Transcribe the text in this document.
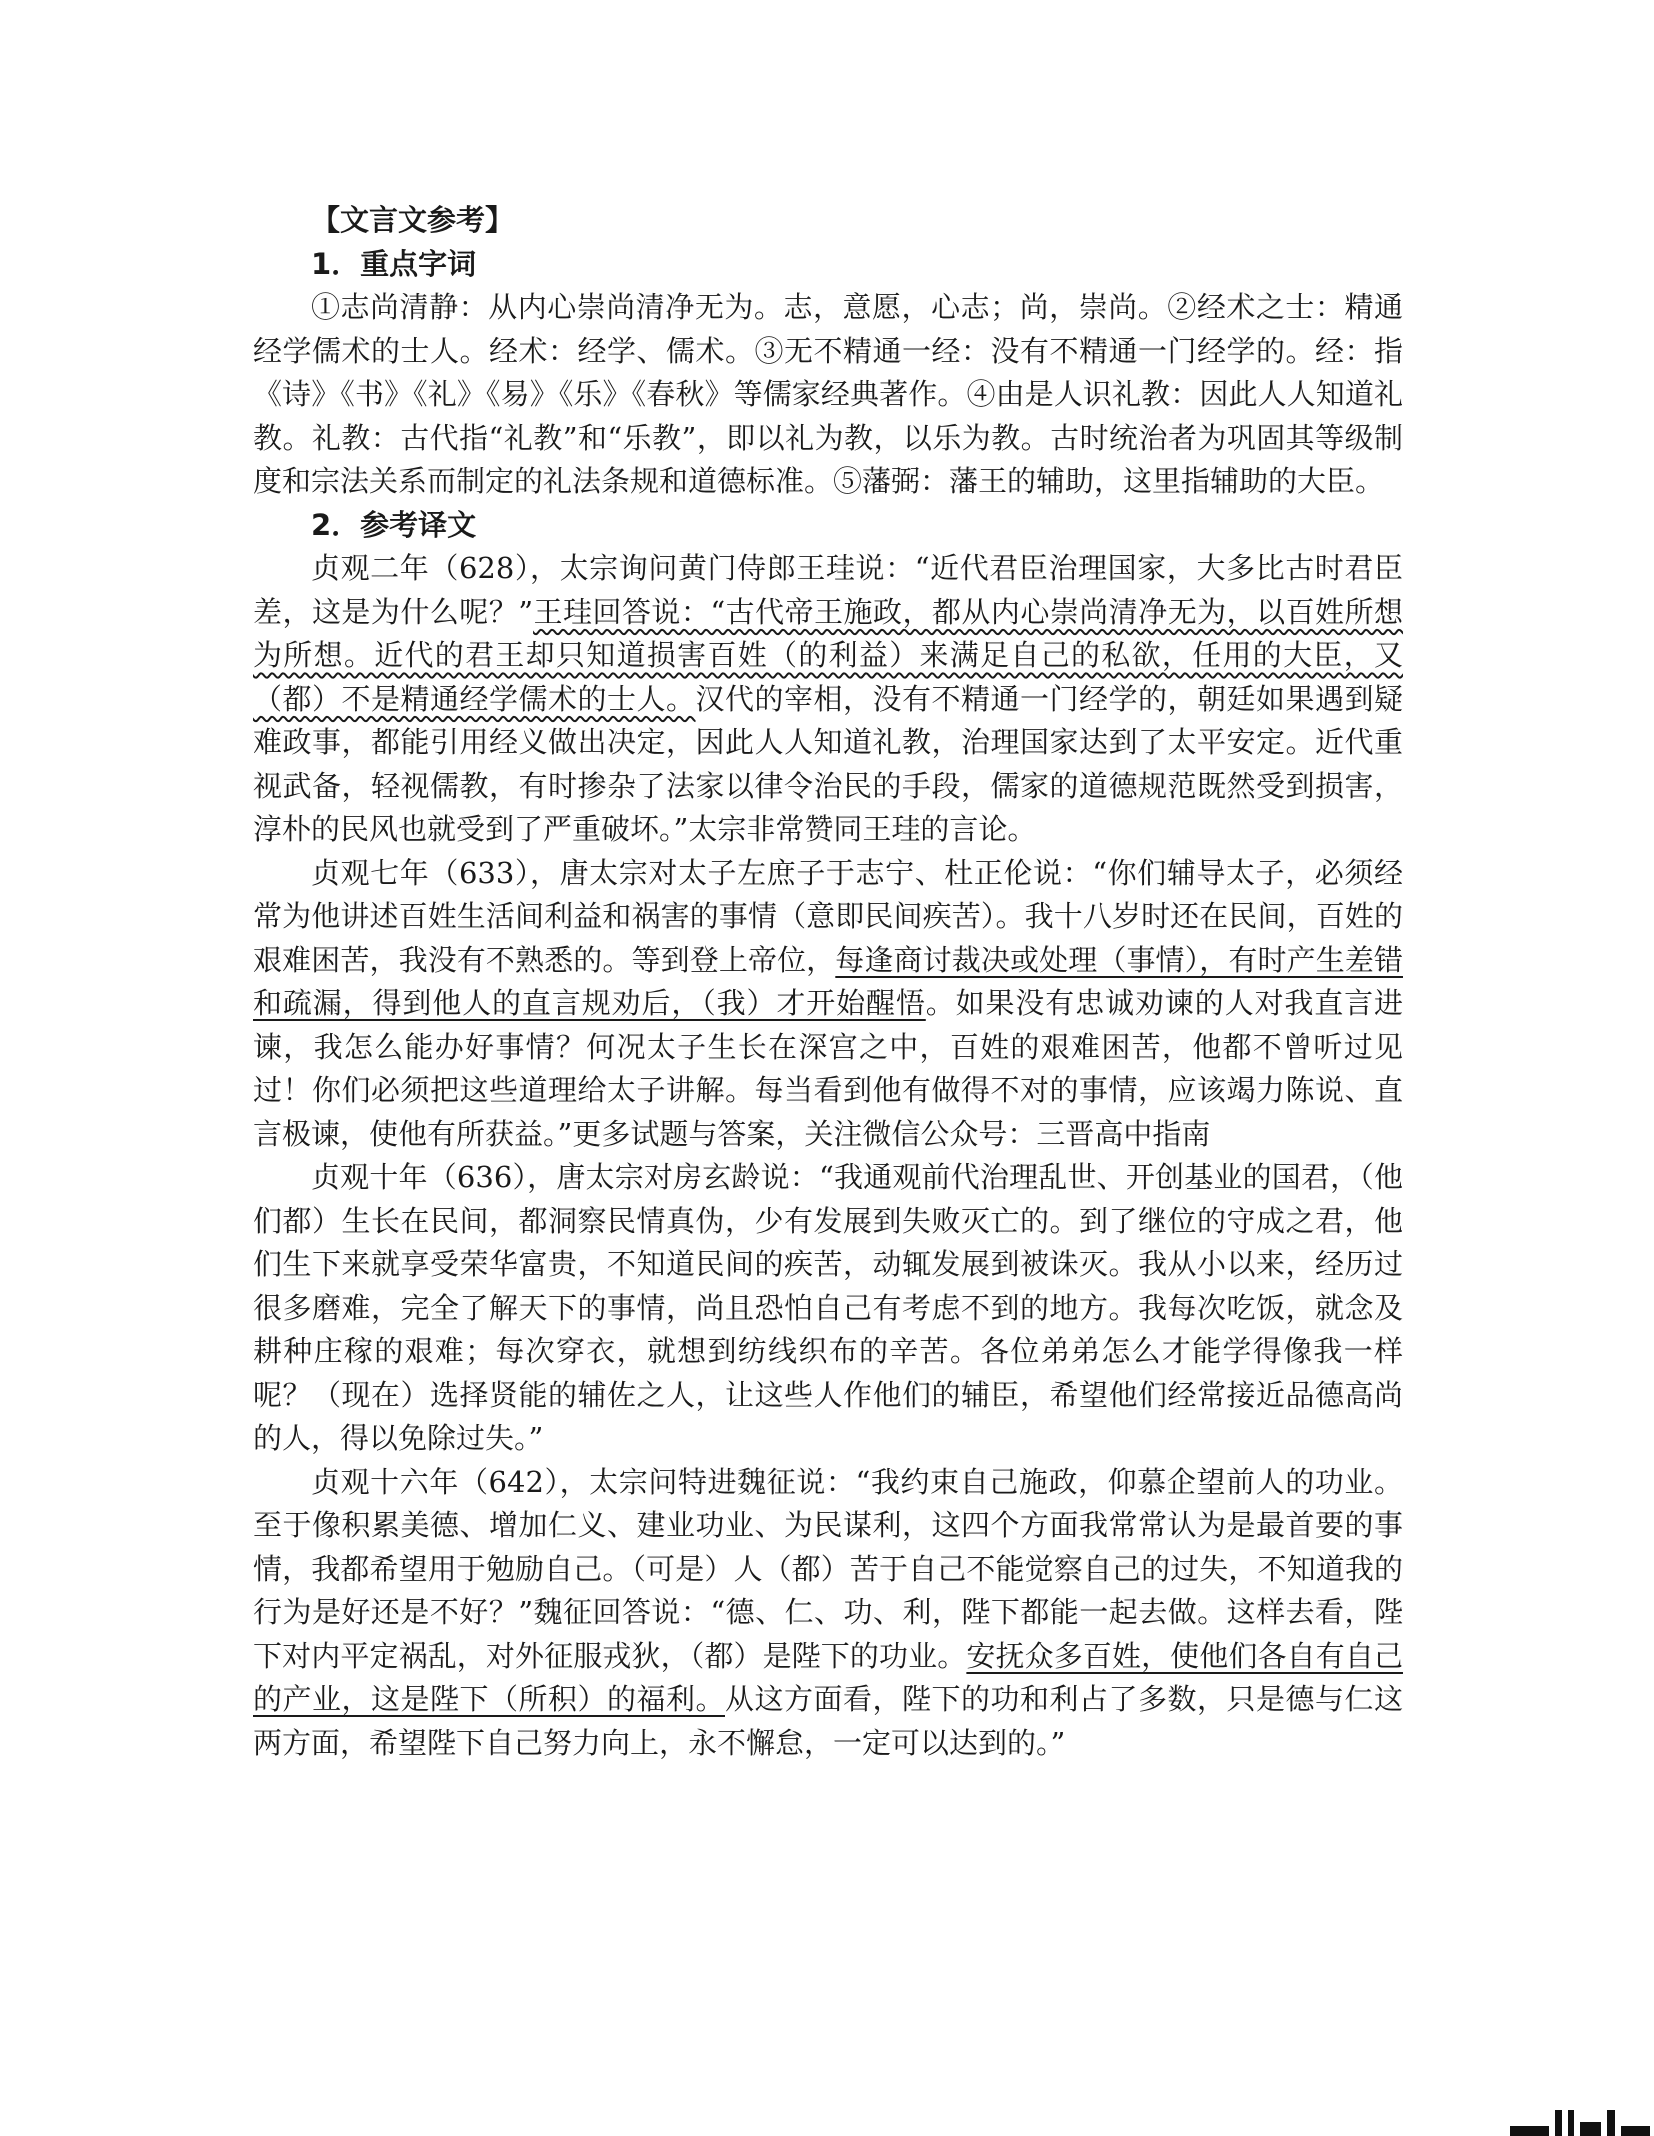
【文言文参考】
1．重点字词

①志尚清静：从内心崇尚清净无为。志，意愿，心志；尚，崇尚。②经术之士：精通经学儒术的士人。经术：经学、儒术。③无不精通一经：没有不精通一门经学的。经：指《诗》《书》《礼》《易》《乐》《春秋》等儒家经典著作。④由是人识礼教：因此人人知道礼教。礼教：古代指“礼教”和“乐教”，即以礼为教，以乐为教。古时统治者为巩固其等级制度和宗法关系而制定的礼法条规和道德标准。⑤藩弼：藩王的辅助，这里指辅助的大臣。

2．参考译文

贞观二年（628），太宗询问黄门侍郎王珪说：“近代君臣治理国家，大多比古时君臣差，这是为什么呢？”王珪回答说：“古代帝王施政，都从内心崇尚清净无为，以百姓所想为所想。近代的君王却只知道损害百姓（的利益）来满足自己的私欲，任用的大臣，又（都）不是精通经学儒术的士人。汉代的宰相，没有不精通一门经学的，朝廷如果遇到疑难政事，都能引用经义做出决定，因此人人知道礼教，治理国家达到了太平安定。近代重视武备，轻视儒教，有时掺杂了法家以律令治民的手段，儒家的道德规范既然受到损害，淳朴的民风也就受到了严重破坏。”太宗非常赞同王珪的言论。

贞观七年（633），唐太宗对太子左庶子于志宁、杜正伦说：“你们辅导太子，必须经常为他讲述百姓生活间利益和祸害的事情（意即民间疾苦）。我十八岁时还在民间，百姓的艰难困苦，我没有不熟悉的。等到登上帝位，每逢商讨裁决或处理（事情），有时产生差错和疏漏，得到他人的直言规劝后，（我）才开始醒悟。如果没有忠诚劝谏的人对我直言进谏，我怎么能办好事情？何况太子生长在深宫之中，百姓的艰难困苦，他都不曾听过见过！你们必须把这些道理给太子讲解。每当看到他有做得不对的事情，应该竭力陈说、直言极谏，使他有所获益。”更多试题与答案，关注微信公众号：三晋高中指南

贞观十年（636），唐太宗对房玄龄说：“我通观前代治理乱世、开创基业的国君，（他们都）生长在民间，都洞察民情真伪，少有发展到失败灭亡的。到了继位的守成之君，他们生下来就享受荣华富贵，不知道民间的疾苦，动辄发展到被诛灭。我从小以来，经历过很多磨难，完全了解天下的事情，尚且恐怕自己有考虑不到的地方。我每次吃饭，就念及耕种庄稼的艰难；每次穿衣，就想到纺线织布的辛苦。各位弟弟怎么才能学得像我一样呢？（现在）选择贤能的辅佐之人，让这些人作他们的辅臣，希望他们经常接近品德高尚的人，得以免除过失。”

贞观十六年（642），太宗问特进魏征说：“我约束自己施政，仰慕企望前人的功业。至于像积累美德、增加仁义、建业功业、为民谋利，这四个方面我常常认为是最首要的事情，我都希望用于勉励自己。（可是）人（都）苦于自己不能觉察自己的过失，不知道我的行为是好还是不好？”魏征回答说：“德、仁、功、利，陛下都能一起去做。这样去看，陛下对内平定祸乱，对外征服戎狄，（都）是陛下的功业。安抚众多百姓，使他们各自有自己的产业，这是陛下（所积）的福利。从这方面看，陛下的功和利占了多数，只是德与仁这两方面，希望陛下自己努力向上，永不懈怠，一定可以达到的。”
